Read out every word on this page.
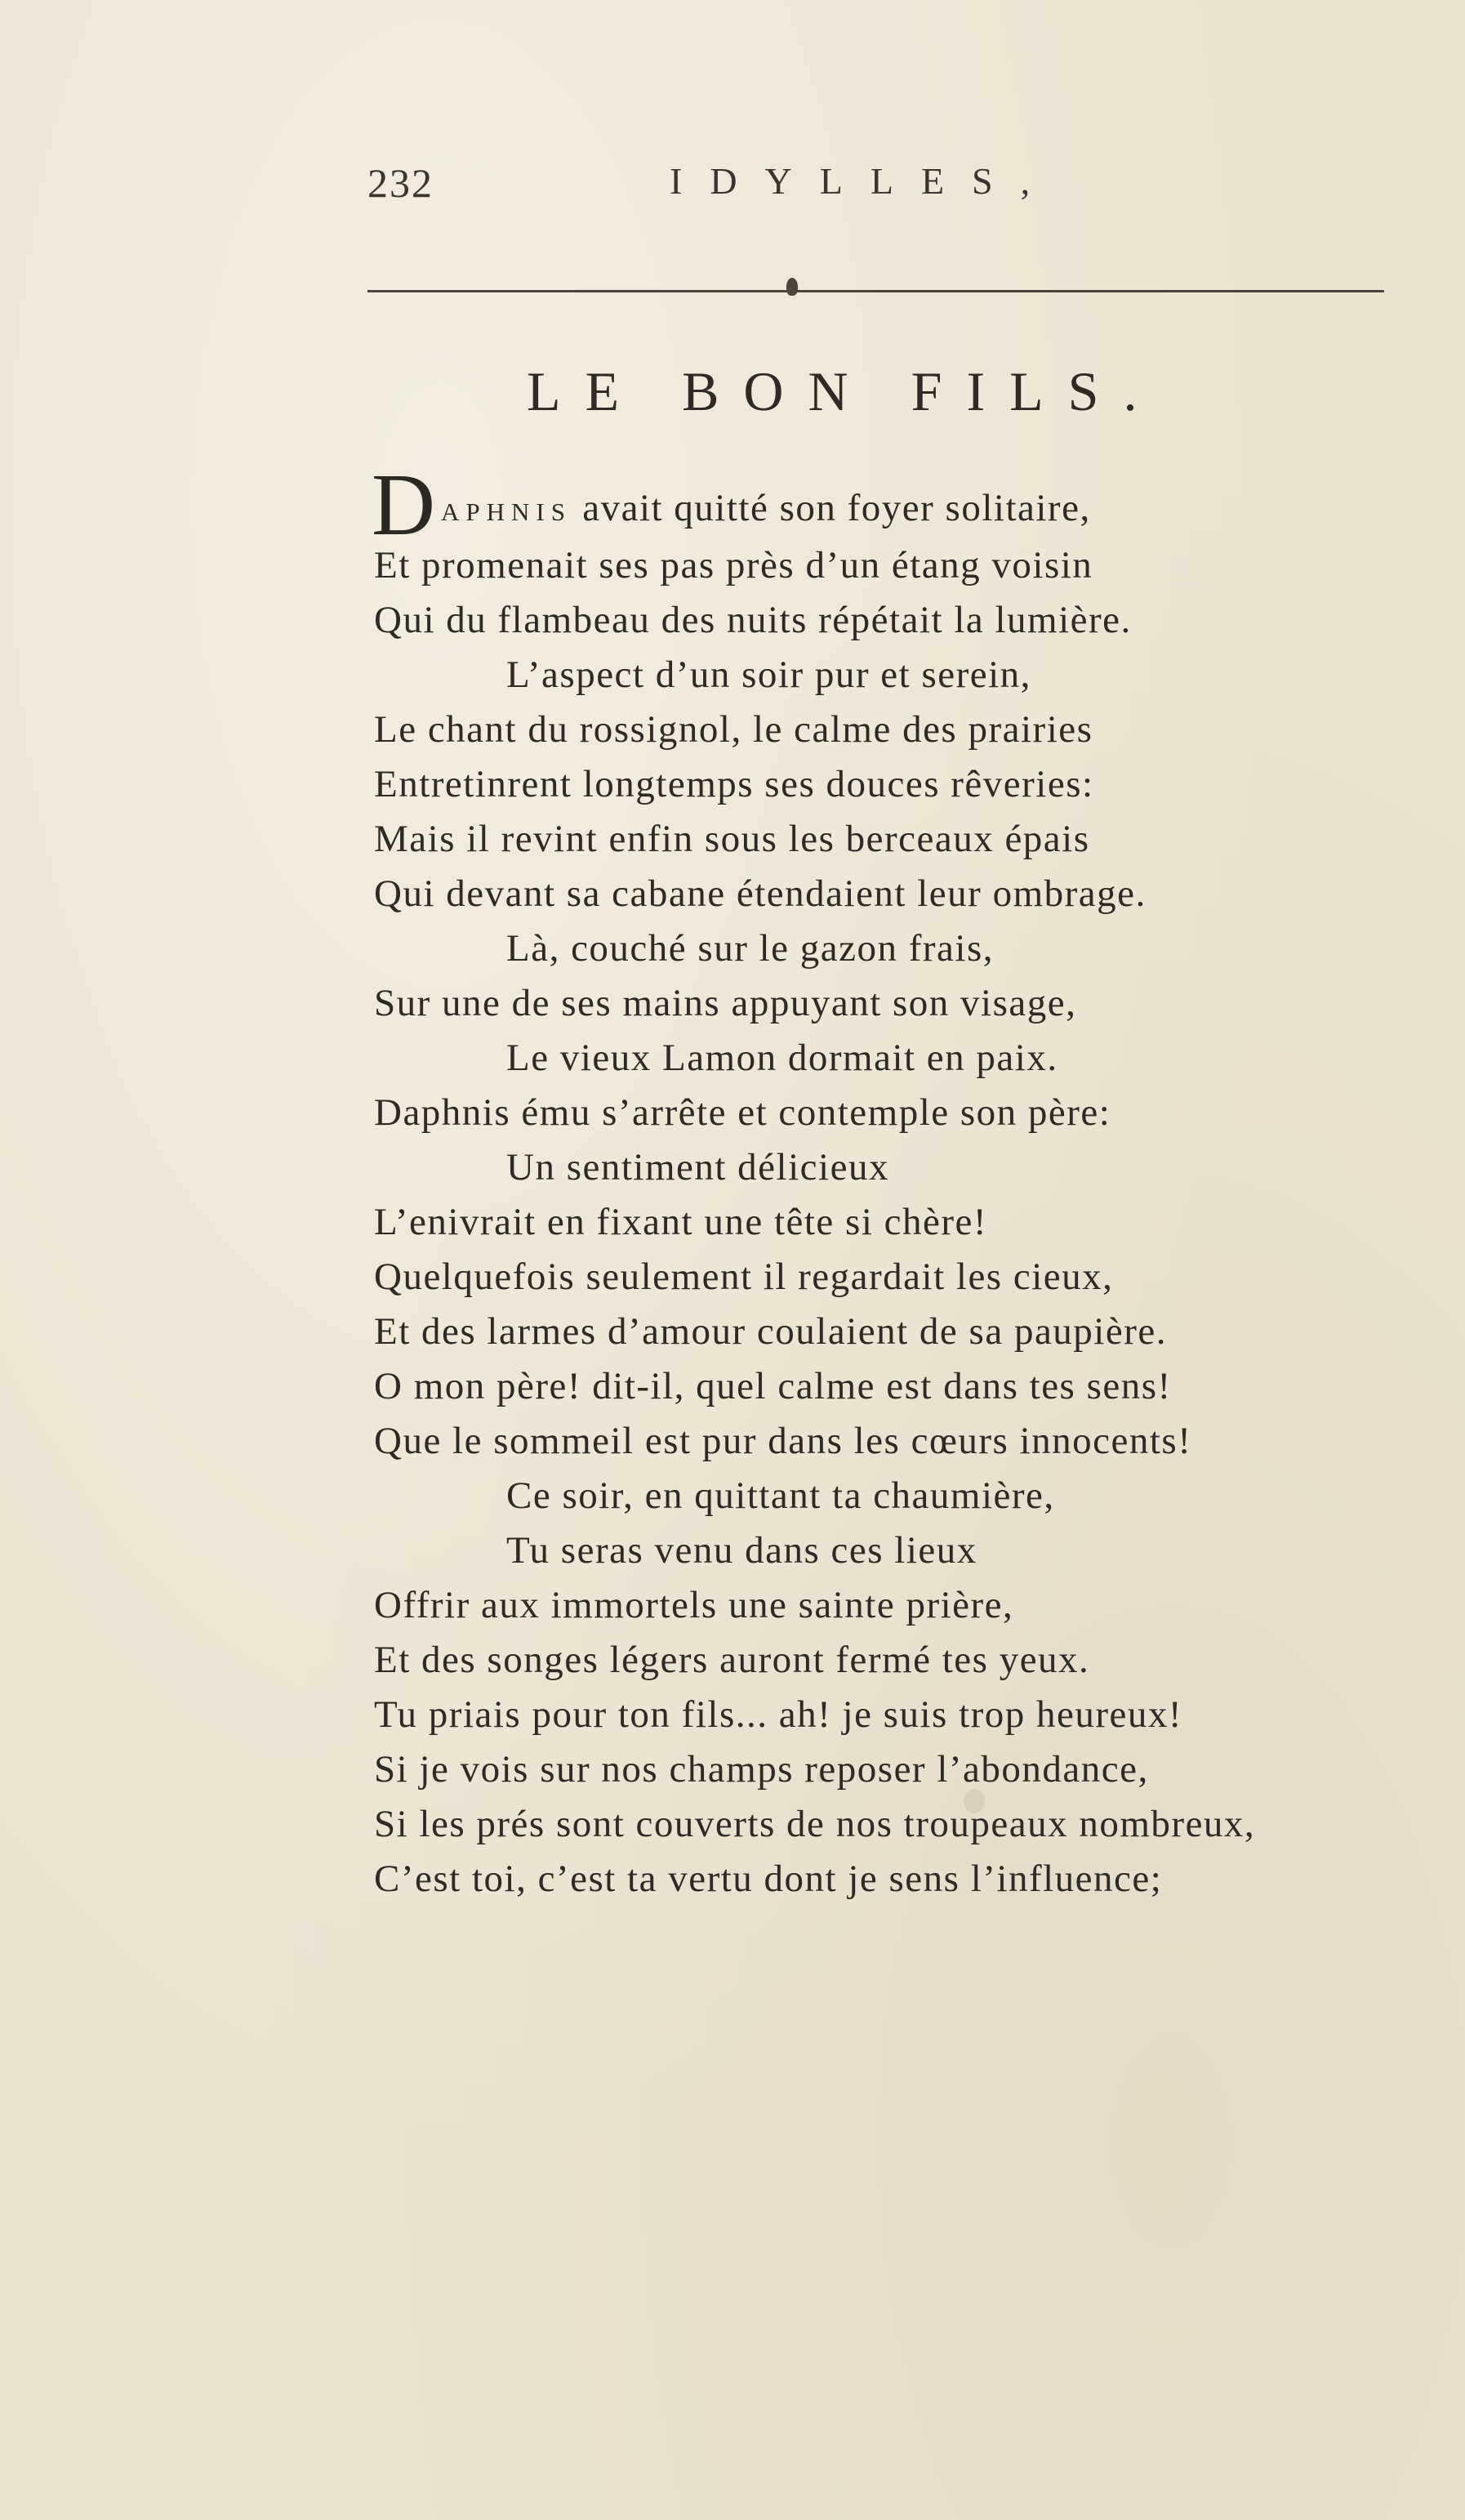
232	IDYLLES,
LE BON FILS.
D APHNIS avait quitté son foyer solitaire,
Et promenait ses pas près d’un étang voisin
Qui du flambeau des nuits répétait la lumière.
L’aspect d’un soir pur et serein,
Le chant du rossignol, le calme des prairies
Entretinrent longtemps ses douces rêveries:
Mais il revint enfin sous les berceaux épais
Qui devant sa cabane étendaient leur ombrage.
Là, couché sur le gazon frais,
Sur une de ses mains appuyant son visage,
Le vieux Lamon dormait en paix.
Daphnis ému s’arrête et contemple son père:
Un sentiment délicieux
L’enivrait en fixant une tête si chère!
Quelquefois seulement il regardait les cieux,
Et des larmes d’amour coulaient de sa paupière.
O mon père! dit-il, quel calme est dans tes sens!
Que le sommeil est pur dans les cœurs innocents!
Ce soir, en quittant ta chaumière,
Tu seras venu dans ces lieux
Offrir aux immortels une sainte prière,
Et des songes légers auront fermé tes yeux.
Tu priais pour ton fils... ah! je suis trop heureux!
Si je vois sur nos champs reposer l’abondance,
Si les prés sont couverts de nos troupeaux nombreux,
C’est toi, c’est ta vertu dont je sens l’influence;
